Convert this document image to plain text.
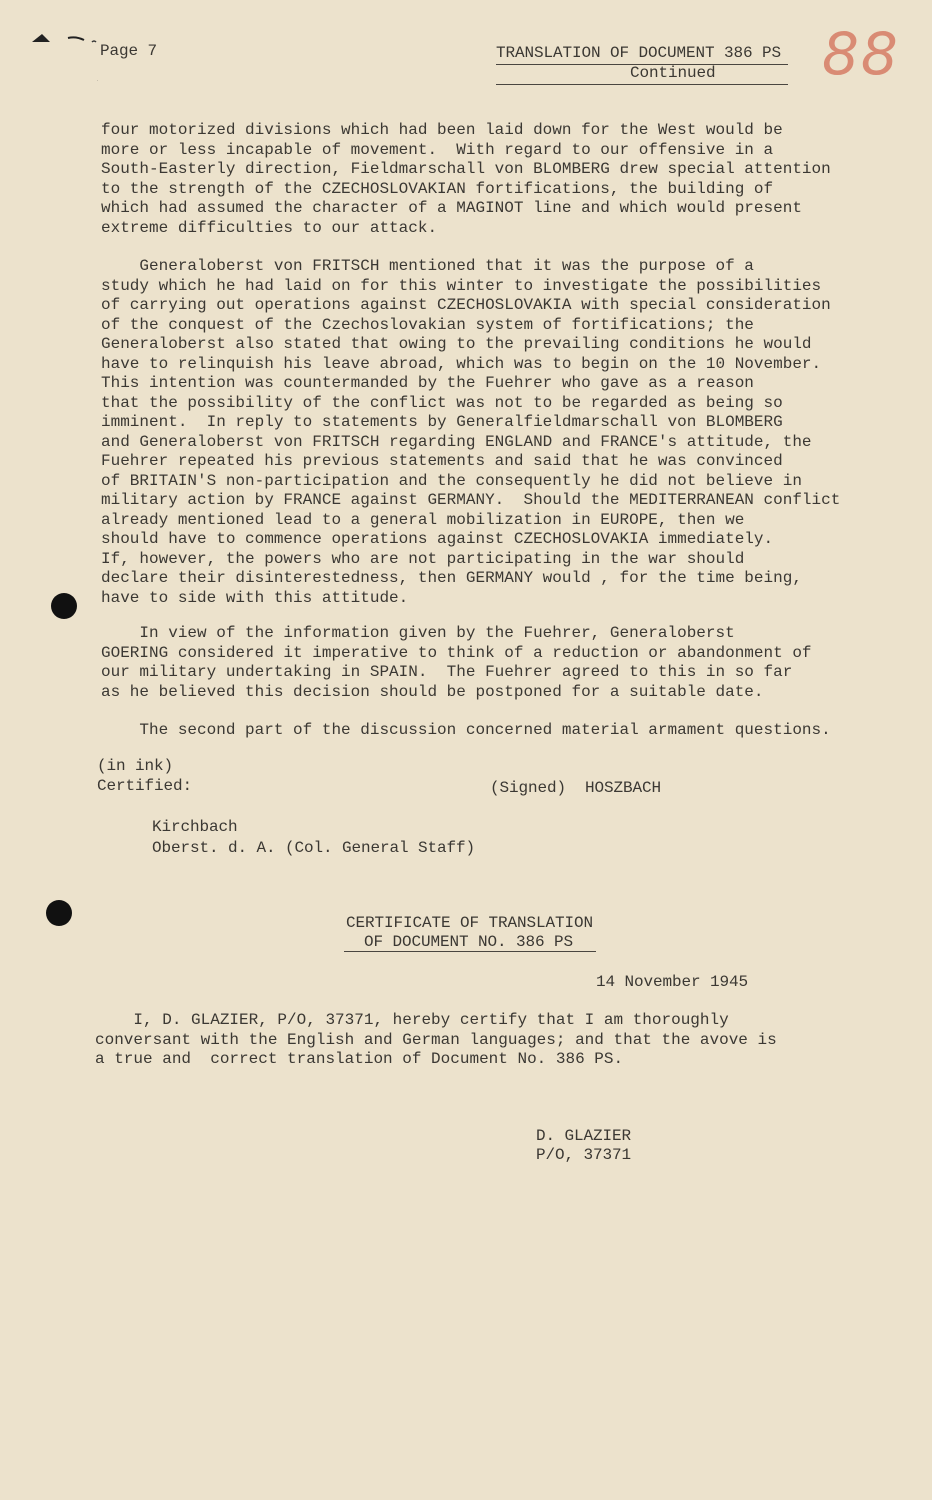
Page 7	TRANSLATION OF DOCUMENT 386 PS
Continued 88
four motorized divisions which had been laid down for the West would be
more or less incapable of movement.  With regard to our offensive in a
South-Easterly direction, Fieldmarschall von BLOMBERG drew special attention
to the strength of the CZECHOSLOVAKIAN fortifications, the building of
which had assumed the character of a MAGINOT line and which would present
extreme difficulties to our attack.
Generaloberst von FRITSCH mentioned that it was the purpose of a
study which he had laid on for this winter to investigate the possibilities
of carrying out operations against CZECHOSLOVAKIA with special consideration
of the conquest of the Czechoslovakian system of fortifications; the
Generaloberst also stated that owing to the prevailing conditions he would
have to relinquish his leave abroad, which was to begin on the 10 November.
This intention was countermanded by the Fuehrer who gave as a reason
that the possibility of the conflict was not to be regarded as being so
imminent.  In reply to statements by Generalfieldmarschall von BLOMBERG
and Generaloberst von FRITSCH regarding ENGLAND and FRANCE's attitude, the
Fuehrer repeated his previous statements and said that he was convinced
of BRITAIN'S non-participation and the consequently he did not believe in
military action by FRANCE against GERMANY.  Should the MEDITERRANEAN conflict
already mentioned lead to a general mobilization in EUROPE, then we
should have to commence operations against CZECHOSLOVAKIA immediately.
If, however, the powers who are not participating in the war should
declare their disinterestedness, then GERMANY would , for the time being,
have to side with this attitude.
In view of the information given by the Fuehrer, Generaloberst
GOERING considered it imperative to think of a reduction or abandonment of
our military undertaking in SPAIN.  The Fuehrer agreed to this in so far
as he believed this decision should be postponed for a suitable date.
The second part of the discussion concerned material armament questions.
(in ink)
Certified:	(Signed)  HOSZBACH
Kirchbach
Oberst. d. A. (Col. General Staff)
CERTIFICATE OF TRANSLATION
OF DOCUMENT NO. 386 PS
14 November 1945
I, D. GLAZIER, P/O, 37371, hereby certify that I am thoroughly
conversant with the English and German languages; and that the avove is
a true and  correct translation of Document No. 386 PS.
D. GLAZIER
P/O, 37371
